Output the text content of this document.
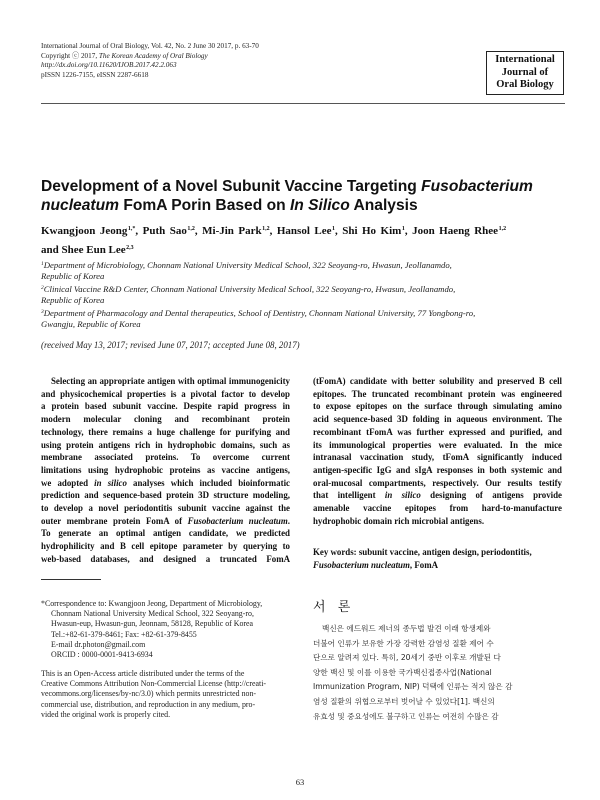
International Journal of Oral Biology, Vol. 42, No. 2 June 30 2017, p. 63-70
Copyright ⓒ 2017, The Korean Academy of Oral Biology
http://dx.doi.org/10.11620/IJOB.2017.42.2.063
pISSN 1226-7155, eISSN 2287-6618
International
Journal of
Oral Biology
Development of a Novel Subunit Vaccine Targeting Fusobacterium
nucleatum FomA Porin Based on In Silico Analysis
Kwangjoon Jeong$^{1,*}$, Puth Sao$^{1,2}$, Mi-Jin Park$^{1,2}$, Hansol Lee$^1$, Shi Ho Kim$^1$, Joon Haeng Rhee$^{1,2}$
and Shee Eun Lee$^{2,3}$
$^1$Department of Microbiology, Chonnam National University Medical School, 322 Seoyang-ro, Hwasun, Jeollanamdo,
Republic of Korea
$^2$Clinical Vaccine R&D Center, Chonnam National University Medical School, 322 Seoyang-ro, Hwasun, Jeollanamdo,
Republic of Korea
$^3$Department of Pharmacology and Dental therapeutics, School of Dentistry, Chonnam National University, 77 Yongbong-ro,
Gwangju, Republic of Korea
(received May 13, 2017; revised June 07, 2017; accepted June 08, 2017)
Selecting an appropriate antigen with optimal immunogenicity
and physicochemical properties is a pivotal factor to develop
a protein based subunit vaccine. Despite rapid progress in
modern molecular cloning and recombinant protein
technology, there remains a huge challenge for purifying and
using protein antigens rich in hydrophobic domains, such as
membrane associated proteins. To overcome current
limitations using hydrophobic proteins as vaccine antigens,
we adopted in silico analyses which included bioinformatic
prediction and sequence-based protein 3D structure modeling,
to develop a novel periodontitis subunit vaccine against the
outer membrane protein FomA of Fusobacterium nucleatum.
To generate an optimal antigen candidate, we predicted
hydrophilicity and B cell epitope parameter by querying to
web-based databases, and designed a truncated FomA
(tFomA) candidate with better solubility and preserved B cell
epitopes. The truncated recombinant protein was engineered
to expose epitopes on the surface through simulating amino
acid sequence-based 3D folding in aqueous environment. The
recombinant tFomA was further expressed and purified, and
its immunological properties were evaluated. In the mice
intranasal vaccination study, tFomA significantly induced
antigen-specific IgG and sIgA responses in both systemic and
oral-mucosal compartments, respectively. Our results testify
that intelligent in silico designing of antigens provide
amenable vaccine epitopes from hard-to-manufacture
hydrophobic domain rich microbial antigens.
Key words: subunit vaccine, antigen design, periodontitis,
Fusobacterium nucleatum, FomA
*Correspondence to: Kwangjoon Jeong, Department of Microbiology,
Chonnam National University Medical School, 322 Seoyang-ro,
Hwasun-eup, Hwasun-gun, Jeonnam, 58128, Republic of Korea
Tel.:+82-61-379-8461; Fax: +82-61-379-8455
E-mail dr.photon@gmail.com
ORCID : 0000-0001-9413-6934
This is an Open-Access article distributed under the terms of the
Creative Commons Attribution Non-Commercial License (http://creati-
vecommons.org/licenses/by-nc/3.0) which permits unrestricted non-
commercial use, distribution, and reproduction in any medium, pro-
vided the original work is properly cited.
서 론
백신은 에드워드 제너의 종두법 발견 이래 항생제와
더불어 인류가 보유한 가장 강력한 감염성 질환 제어 수
단으로 알려져 있다. 특히, 20세기 중반 이후로 개발된 다
양한 백신 및 이를 이용한 국가백신접종사업(National
Immunization Program, NIP) 덕택에 인류는 적지 않은 감
염성 질환의 위협으로부터 벗어날 수 있었다[1]. 백신의
유효성 및 중요성에도 불구하고 인류는 여전히 수많은 감
63
